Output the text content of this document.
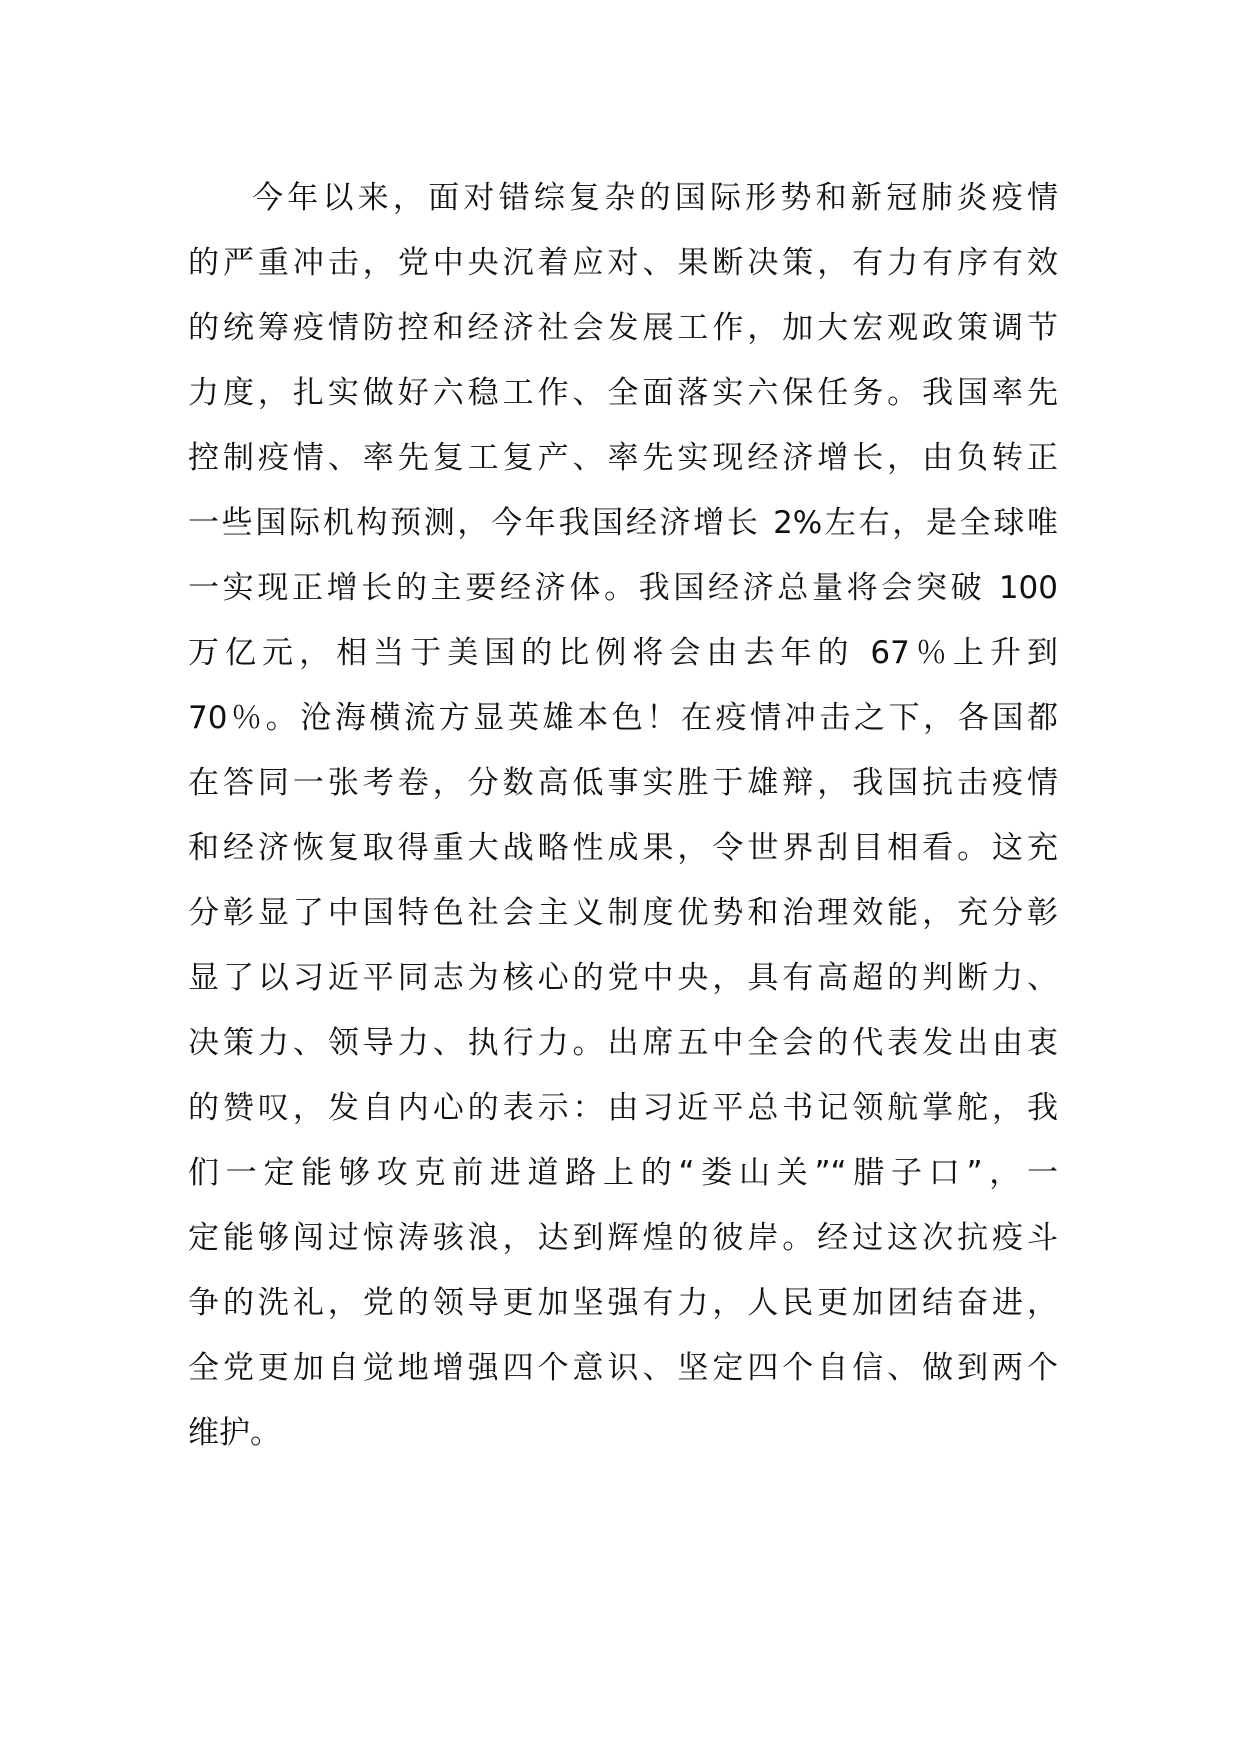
今年以来，面对错综复杂的国际形势和新冠肺炎疫情
的严重冲击，党中央沉着应对、果断决策，有力有序有效
的统筹疫情防控和经济社会发展工作，加大宏观政策调节
力度，扎实做好六稳工作、全面落实六保任务。我国率先
控制疫情、率先复工复产、率先实现经济增长，由负转正
一些国际机构预测，今年我国经济增长 2%左右，是全球唯
一实现正增长的主要经济体。我国经济总量将会突破 100
万亿元，相当于美国的比例将会由去年的 67％上升到
70％。沧海横流方显英雄本色！在疫情冲击之下，各国都
在答同一张考卷，分数高低事实胜于雄辩，我国抗击疫情
和经济恢复取得重大战略性成果，令世界刮目相看。这充
分彰显了中国特色社会主义制度优势和治理效能，充分彰
显了以习近平同志为核心的党中央，具有高超的判断力、
决策力、领导力、执行力。出席五中全会的代表发出由衷
的赞叹，发自内心的表示：由习近平总书记领航掌舵，我
们一定能够攻克前进道路上的“娄山关”“腊子口”，一
定能够闯过惊涛骇浪，达到辉煌的彼岸。经过这次抗疫斗
争的洗礼，党的领导更加坚强有力，人民更加团结奋进，
全党更加自觉地增强四个意识、坚定四个自信、做到两个
维护。
